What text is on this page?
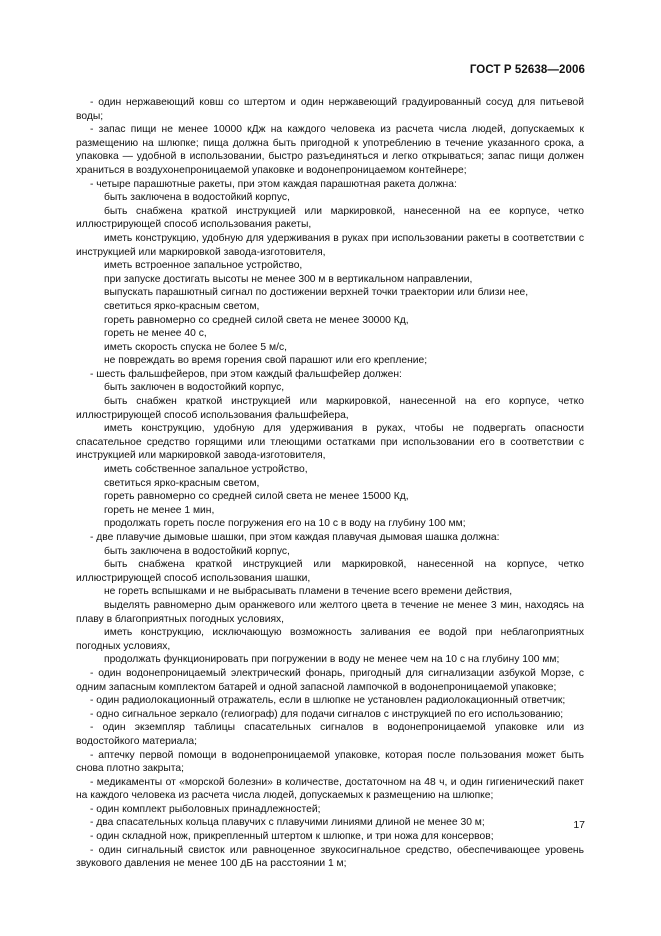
ГОСТ Р 52638—2006

- один нержавеющий ковш со штертом и один нержавеющий градуированный сосуд для питьевой воды;

- запас пищи не менее 10000 кДж на каждого человека из расчета числа людей, допускаемых к размещению на шлюпке; пища должна быть пригодной к употреблению в течение указанного срока, а упаковка — удобной в использовании, быстро разъединяться и легко открываться; запас пищи должен храниться в воздухонепроницаемой упаковке и водонепроницаемом контейнере;

- четыре парашютные ракеты, при этом каждая парашютная ракета должна:

быть заключена в водостойкий корпус,

быть снабжена краткой инструкцией или маркировкой, нанесенной на ее корпусе, четко иллюстрирующей способ использования ракеты,

иметь конструкцию, удобную для удерживания в руках при использовании ракеты в соответствии с инструкцией или маркировкой завода-изготовителя,

иметь встроенное запальное устройство,

при запуске достигать высоты не менее 300 м в вертикальном направлении,

выпускать парашютный сигнал по достижении верхней точки траектории или близи нее,

светиться ярко-красным светом,

гореть равномерно со средней силой света не менее 30000 Кд,

гореть не менее 40 с,

иметь скорость спуска не более 5 м/с,

не повреждать во время горения свой парашют или его крепление;

- шесть фальшфейеров, при этом каждый фальшфейер должен:

быть заключен в водостойкий корпус,

быть снабжен краткой инструкцией или маркировкой, нанесенной на его корпусе, четко иллюстрирующей способ использования фальшфейера,

иметь конструкцию, удобную для удерживания в руках, чтобы не подвергать опасности спасательное средство горящими или тлеющими остатками при использовании его в соответствии с инструкцией или маркировкой завода-изготовителя,

иметь собственное запальное устройство,

светиться ярко-красным светом,

гореть равномерно со средней силой света не менее 15000 Кд,

гореть не менее 1 мин,

продолжать гореть после погружения его на 10 с в воду на глубину 100 мм;

- две плавучие дымовые шашки, при этом каждая плавучая дымовая шашка должна:

быть заключена в водостойкий корпус,

быть снабжена краткой инструкцией или маркировкой, нанесенной на корпусе, четко иллюстрирующей способ использования шашки,

не гореть вспышками и не выбрасывать пламени в течение всего времени действия,

выделять равномерно дым оранжевого или желтого цвета в течение не менее 3 мин, находясь на плаву в благоприятных погодных условиях,

иметь конструкцию, исключающую возможность заливания ее водой при неблагоприятных погодных условиях,

продолжать функционировать при погружении в воду не менее чем на 10 с на глубину 100 мм;

- один водонепроницаемый электрический фонарь, пригодный для сигнализации азбукой Морзе, с одним запасным комплектом батарей и одной запасной лампочкой в водонепроницаемой упаковке;

- один радиолокационный отражатель, если в шлюпке не установлен радиолокационный ответчик;

- одно сигнальное зеркало (гелиограф) для подачи сигналов с инструкцией по его использованию;

- один экземпляр таблицы спасательных сигналов в водонепроницаемой упаковке или из водостойкого материала;

- аптечку первой помощи в водонепроницаемой упаковке, которая после пользования может быть снова плотно закрыта;

- медикаменты от «морской болезни» в количестве, достаточном на 48 ч, и один гигиенический пакет на каждого человека из расчета числа людей, допускаемых к размещению на шлюпке;

- один комплект рыболовных принадлежностей;

- два спасательных кольца плавучих с плавучими линиями длиной не менее 30 м;

- один складной нож, прикрепленный штертом к шлюпке, и три ножа для консервов;

- один сигнальный свисток или равноценное звукосигнальное средство, обеспечивающее уровень звукового давления не менее 100 дБ на расстоянии 1 м;

17
